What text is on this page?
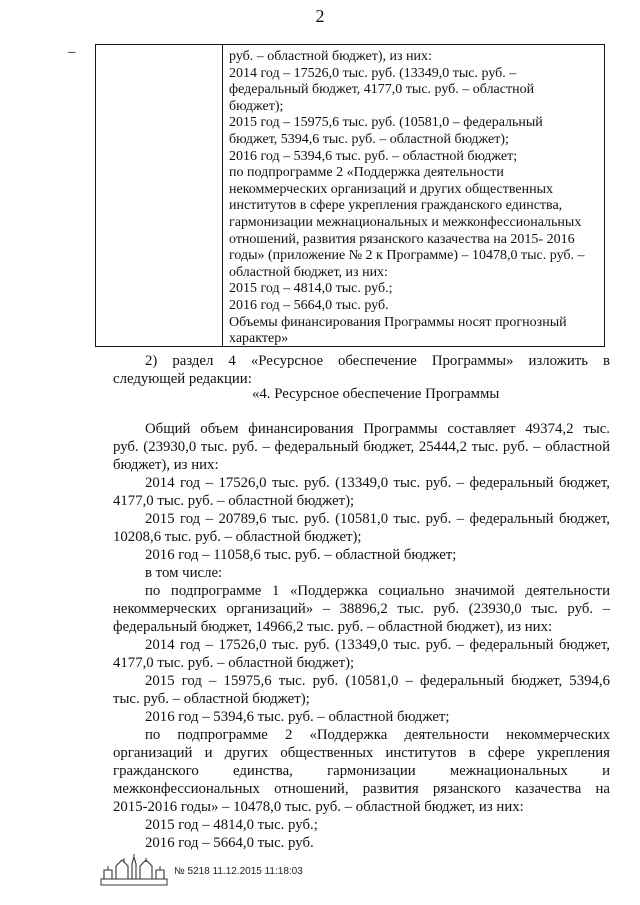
2
–	руб. – областной бюджет), из них:
2014 год – 17526,0 тыс. руб. (13349,0 тыс. руб. –
федеральный бюджет, 4177,0 тыс. руб. – областной
бюджет);
2015 год – 15975,6 тыс. руб. (10581,0 – федеральный
бюджет, 5394,6 тыс. руб. – областной бюджет);
2016 год – 5394,6 тыс. руб. – областной бюджет;
по подпрограмме 2 «Поддержка деятельности
некоммерческих организаций и других общественных
институтов в сфере укрепления гражданского единства,
гармонизации межнациональных и межконфессиональных
отношений, развития рязанского казачества на 2015- 2016
годы» (приложение № 2 к Программе) – 10478,0 тыс. руб. –
областной бюджет, из них:
2015 год – 4814,0 тыс. руб.;
2016 год – 5664,0 тыс. руб.
Объемы финансирования Программы носят прогнозный
характер»
2) раздел 4 «Ресурсное обеспечение Программы» изложить в
следующей редакции:
«4. Ресурсное обеспечение Программы
Общий объем финансирования Программы составляет 49374,2 тыс.
руб. (23930,0 тыс. руб. – федеральный бюджет, 25444,2 тыс. руб. – областной
бюджет), из них:
2014 год – 17526,0 тыс. руб. (13349,0 тыс. руб. – федеральный бюджет,
4177,0 тыс. руб. – областной бюджет);
2015 год – 20789,6 тыс. руб. (10581,0 тыс. руб. – федеральный бюджет,
10208,6 тыс. руб. – областной бюджет);
2016 год – 11058,6 тыс. руб. – областной бюджет;
в том числе:
по подпрограмме 1 «Поддержка социально значимой деятельности
некоммерческих организаций» – 38896,2 тыс. руб. (23930,0 тыс. руб. –
федеральный бюджет, 14966,2 тыс. руб. – областной бюджет), из них:
2014 год – 17526,0 тыс. руб. (13349,0 тыс. руб. – федеральный бюджет,
4177,0 тыс. руб. – областной бюджет);
2015 год – 15975,6 тыс. руб. (10581,0 – федеральный бюджет, 5394,6
тыс. руб. – областной бюджет);
2016 год – 5394,6 тыс. руб. – областной бюджет;
по подпрограмме 2 «Поддержка деятельности некоммерческих
организаций и других общественных институтов в сфере укрепления
гражданского единства, гармонизации межнациональных и
межконфессиональных отношений, развития рязанского казачества на
2015-2016 годы» – 10478,0 тыс. руб. – областной бюджет, из них:
2015 год – 4814,0 тыс. руб.;
2016 год – 5664,0 тыс. руб.
№ 5218 11.12.2015 11:18:03
